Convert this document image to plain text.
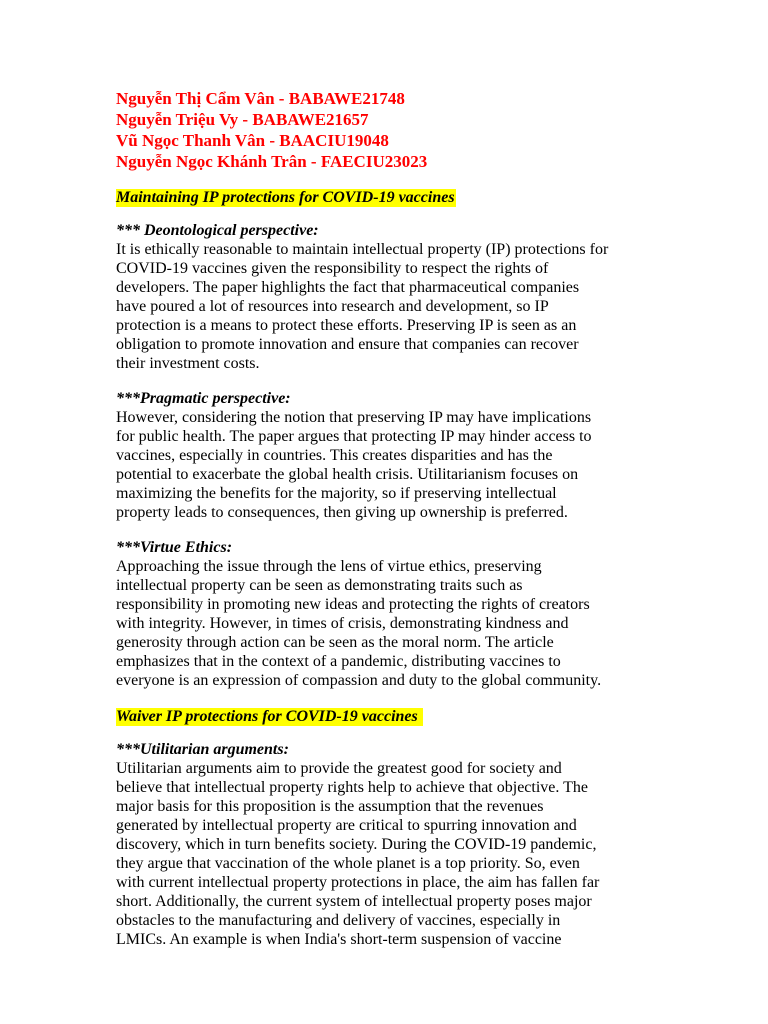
Nguyễn Thị Cẩm Vân - BABAWE21748

Nguyễn Triệu Vy - BABAWE21657

Vũ Ngọc Thanh Vân - BAACIU19048

Nguyễn Ngọc Khánh Trân - FAECIU23023

Maintaining IP protections for COVID-19 vaccines

*** Deontological perspective:

It is ethically reasonable to maintain intellectual property (IP) protections for
COVID-19 vaccines given the responsibility to respect the rights of
developers. The paper highlights the fact that pharmaceutical companies
have poured a lot of resources into research and development, so IP
protection is a means to protect these efforts. Preserving IP is seen as an
obligation to promote innovation and ensure that companies can recover
their investment costs.

***Pragmatic perspective:

However, considering the notion that preserving IP may have implications
for public health. The paper argues that protecting IP may hinder access to
vaccines, especially in countries. This creates disparities and has the
potential to exacerbate the global health crisis. Utilitarianism focuses on
maximizing the benefits for the majority, so if preserving intellectual
property leads to consequences, then giving up ownership is preferred.

***Virtue Ethics:

Approaching the issue through the lens of virtue ethics, preserving
intellectual property can be seen as demonstrating traits such as
responsibility in promoting new ideas and protecting the rights of creators
with integrity. However, in times of crisis, demonstrating kindness and
generosity through action can be seen as the moral norm. The article
emphasizes that in the context of a pandemic, distributing vaccines to
everyone is an expression of compassion and duty to the global community.

Waiver IP protections for COVID-19 vaccines

***Utilitarian arguments:

Utilitarian arguments aim to provide the greatest good for society and
believe that intellectual property rights help to achieve that objective. The
major basis for this proposition is the assumption that the revenues
generated by intellectual property are critical to spurring innovation and
discovery, which in turn benefits society. During the COVID-19 pandemic,
they argue that vaccination of the whole planet is a top priority. So, even
with current intellectual property protections in place, the aim has fallen far
short. Additionally, the current system of intellectual property poses major
obstacles to the manufacturing and delivery of vaccines, especially in
LMICs. An example is when India's short-term suspension of vaccine
